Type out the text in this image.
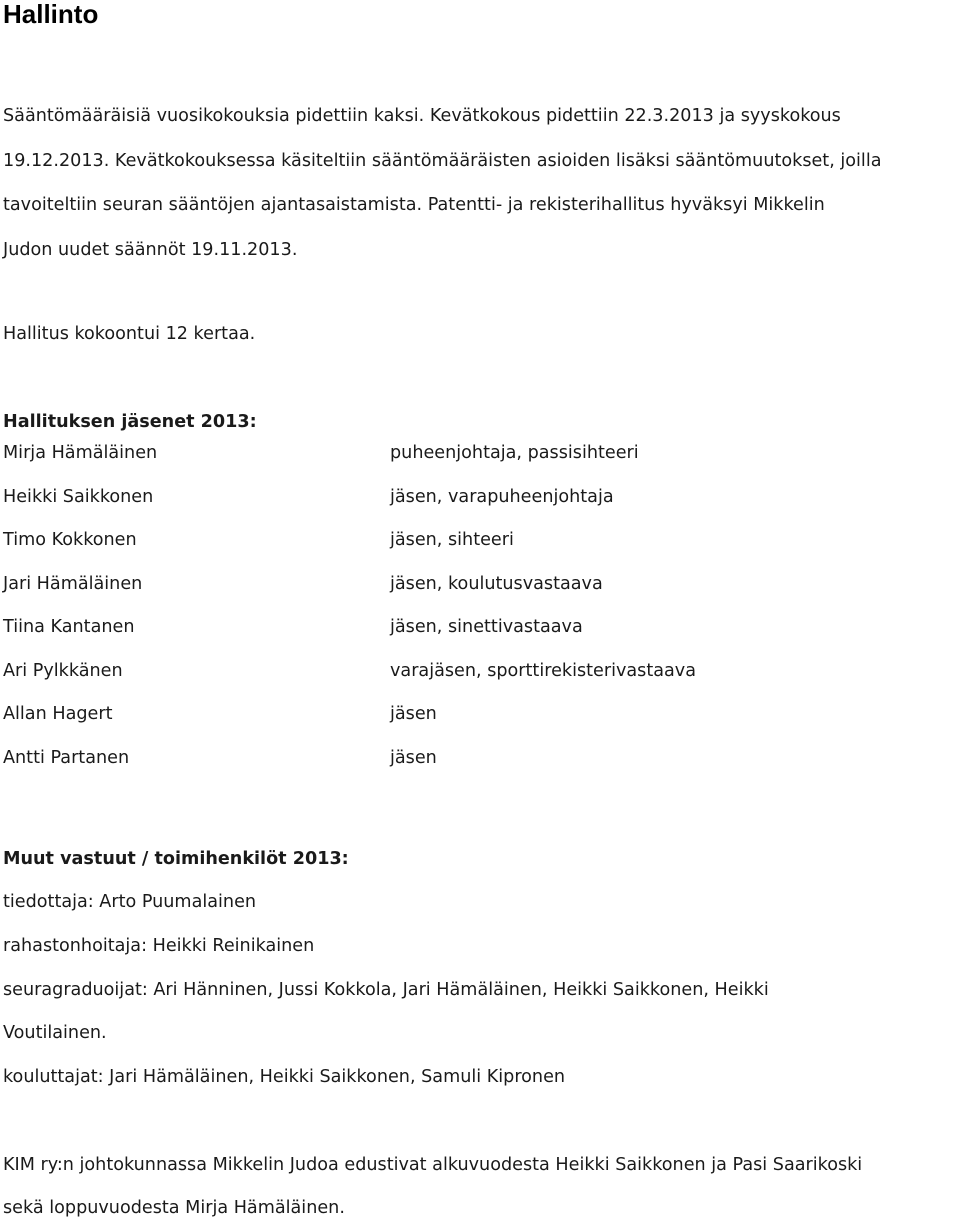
Hallinto
Sääntömääräisiä vuosikokouksia pidettiin kaksi. Kevätkokous pidettiin 22.3.2013 ja syyskokous
19.12.2013. Kevätkokouksessa käsiteltiin sääntömääräisten asioiden lisäksi sääntömuutokset, joilla
tavoiteltiin seuran sääntöjen ajantasaistamista. Patentti- ja rekisterihallitus hyväksyi Mikkelin
Judon uudet säännöt 19.11.2013.

Hallitus kokoontui 12 kertaa.

Hallituksen jäsenet 2013:

Mirja Hämäläinen	puheenjohtaja, passisihteeri
Heikki Saikkonen	jäsen, varapuheenjohtaja
Timo Kokkonen	jäsen, sihteeri
Jari Hämäläinen	jäsen, koulutusvastaava
Tiina Kantanen	jäsen, sinettivastaava
Ari Pylkkänen	varajäsen, sporttirekisterivastaava
Allan Hagert	jäsen
Antti Partanen	jäsen

Muut vastuut / toimihenkilöt 2013:

tiedottaja: Arto Puumalainen

rahastonhoitaja: Heikki Reinikainen

seuragraduoijat: Ari Hänninen, Jussi Kokkola, Jari Hämäläinen, Heikki Saikkonen, Heikki

Voutilainen.

kouluttajat: Jari Hämäläinen, Heikki Saikkonen, Samuli Kipronen

KIM ry:n johtokunnassa Mikkelin Judoa edustivat alkuvuodesta Heikki Saikkonen ja Pasi Saarikoski

sekä loppuvuodesta Mirja Hämäläinen.
